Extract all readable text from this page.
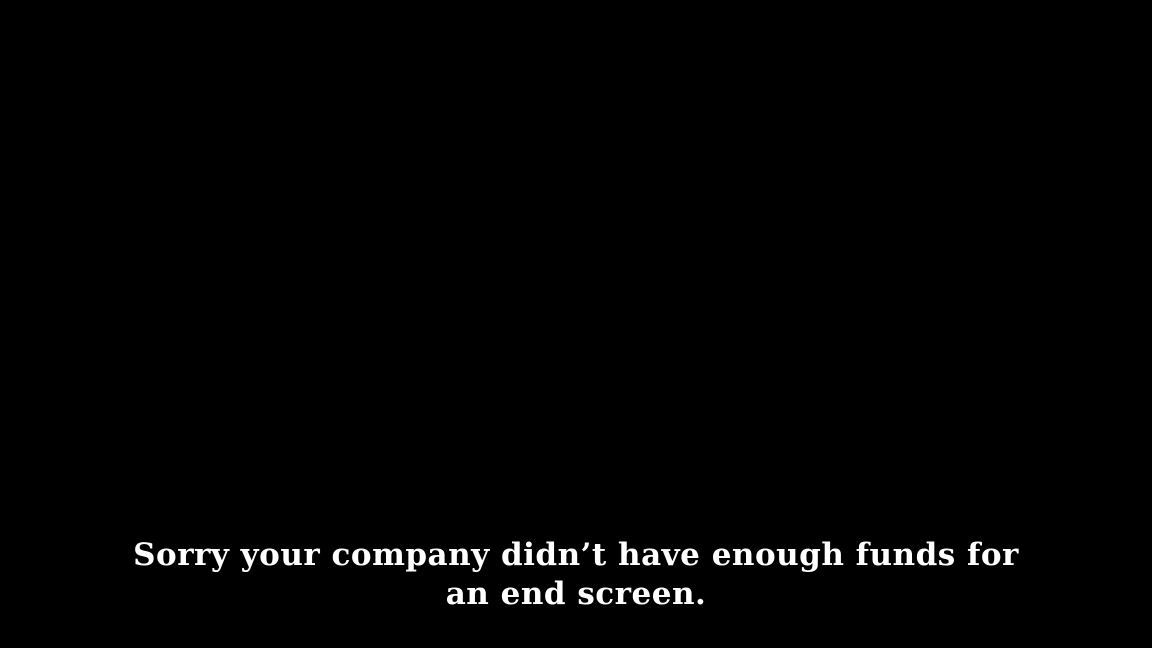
Sorry your company didn’t have enough funds for
an end screen.
